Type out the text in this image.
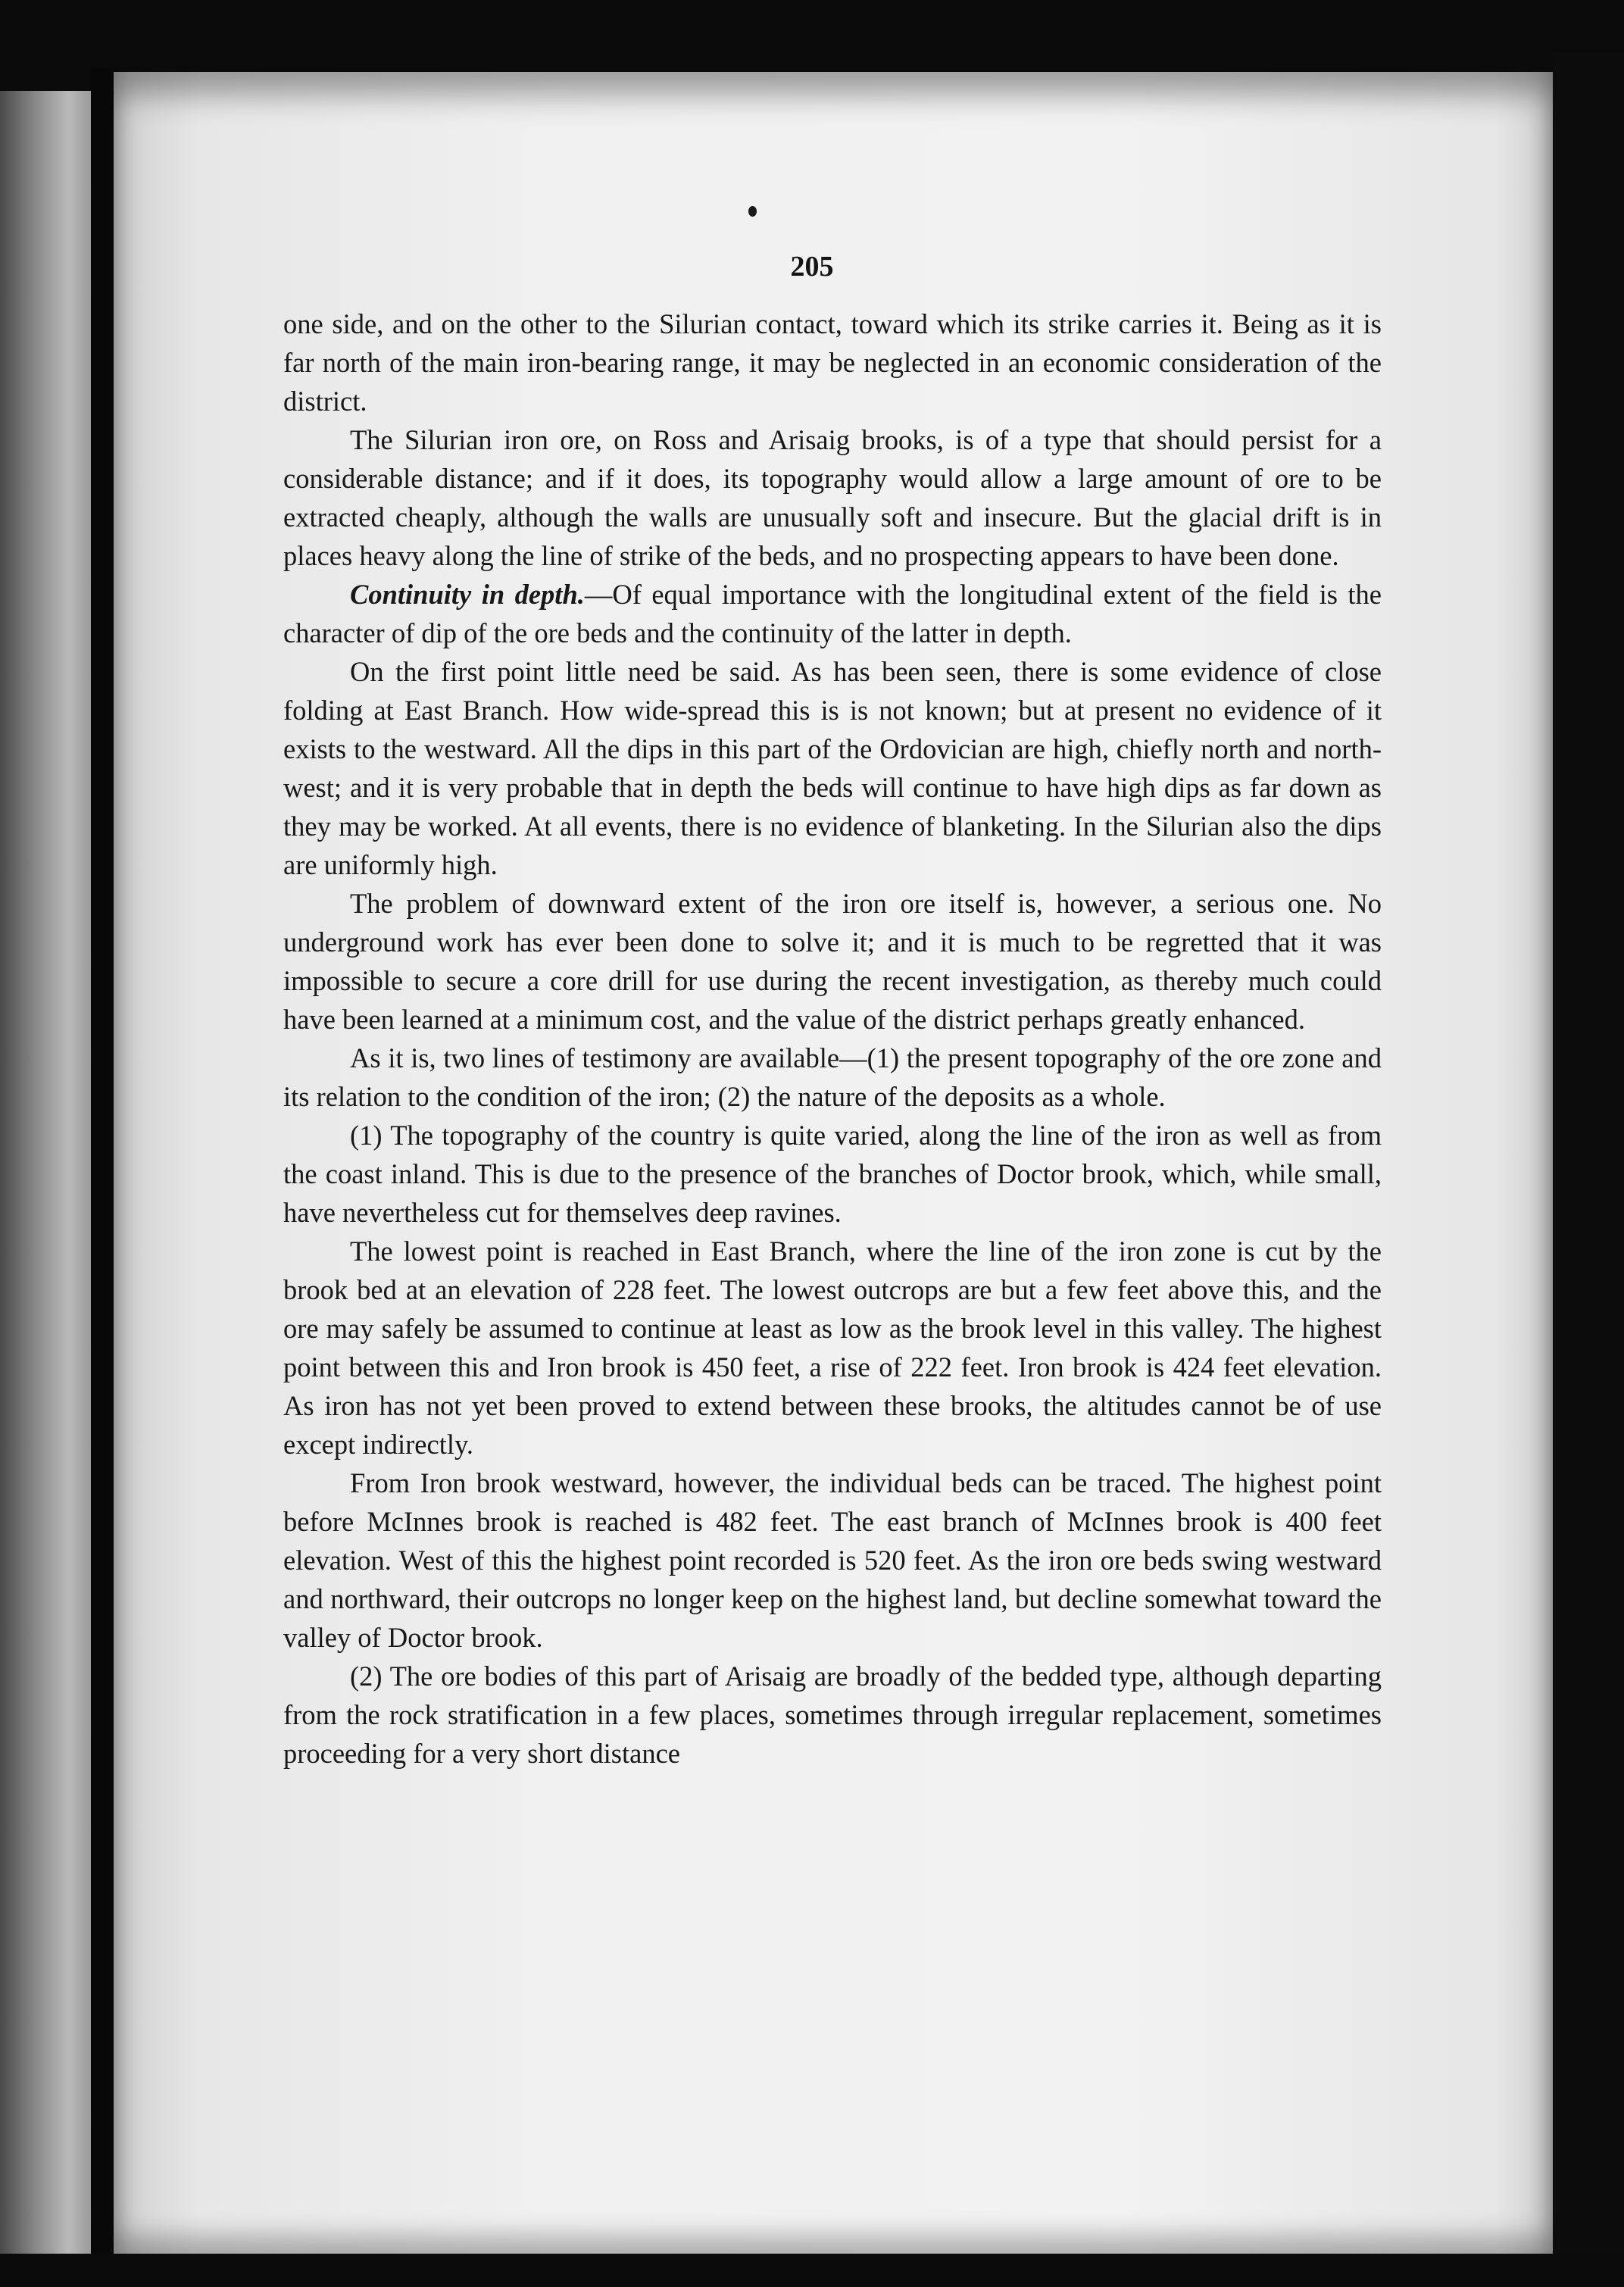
205

one side, and on the other to the Silurian contact, toward which its strike carries it. Being as it is far north of the main iron-bearing range, it may be neglected in an economic consideration of the district.

The Silurian iron ore, on Ross and Arisaig brooks, is of a type that should persist for a considerable distance; and if it does, its topography would allow a large amount of ore to be extracted cheaply, although the walls are unusually soft and insecure. But the glacial drift is in places heavy along the line of strike of the beds, and no prospecting appears to have been done.

Continuity in depth.—Of equal importance with the longitudinal extent of the field is the character of dip of the ore beds and the continuity of the latter in depth.

On the first point little need be said. As has been seen, there is some evidence of close folding at East Branch. How wide-spread this is is not known; but at present no evidence of it exists to the westward. All the dips in this part of the Ordovician are high, chiefly north and north-west; and it is very probable that in depth the beds will continue to have high dips as far down as they may be worked. At all events, there is no evidence of blanketing. In the Silurian also the dips are uniformly high.

The problem of downward extent of the iron ore itself is, however, a serious one. No underground work has ever been done to solve it; and it is much to be regretted that it was impossible to secure a core drill for use during the recent investigation, as thereby much could have been learned at a minimum cost, and the value of the district perhaps greatly enhanced.

As it is, two lines of testimony are available—(1) the present topography of the ore zone and its relation to the condition of the iron; (2) the nature of the deposits as a whole.

(1) The topography of the country is quite varied, along the line of the iron as well as from the coast inland. This is due to the presence of the branches of Doctor brook, which, while small, have nevertheless cut for themselves deep ravines.

The lowest point is reached in East Branch, where the line of the iron zone is cut by the brook bed at an elevation of 228 feet. The lowest outcrops are but a few feet above this, and the ore may safely be assumed to continue at least as low as the brook level in this valley. The highest point between this and Iron brook is 450 feet, a rise of 222 feet. Iron brook is 424 feet elevation. As iron has not yet been proved to extend between these brooks, the altitudes cannot be of use except indirectly.

From Iron brook westward, however, the individual beds can be traced. The highest point before McInnes brook is reached is 482 feet. The east branch of McInnes brook is 400 feet elevation. West of this the highest point recorded is 520 feet. As the iron ore beds swing westward and northward, their outcrops no longer keep on the highest land, but decline somewhat toward the valley of Doctor brook.

(2) The ore bodies of this part of Arisaig are broadly of the bedded type, although departing from the rock stratification in a few places, sometimes through irregular replacement, sometimes proceeding for a very short distance
